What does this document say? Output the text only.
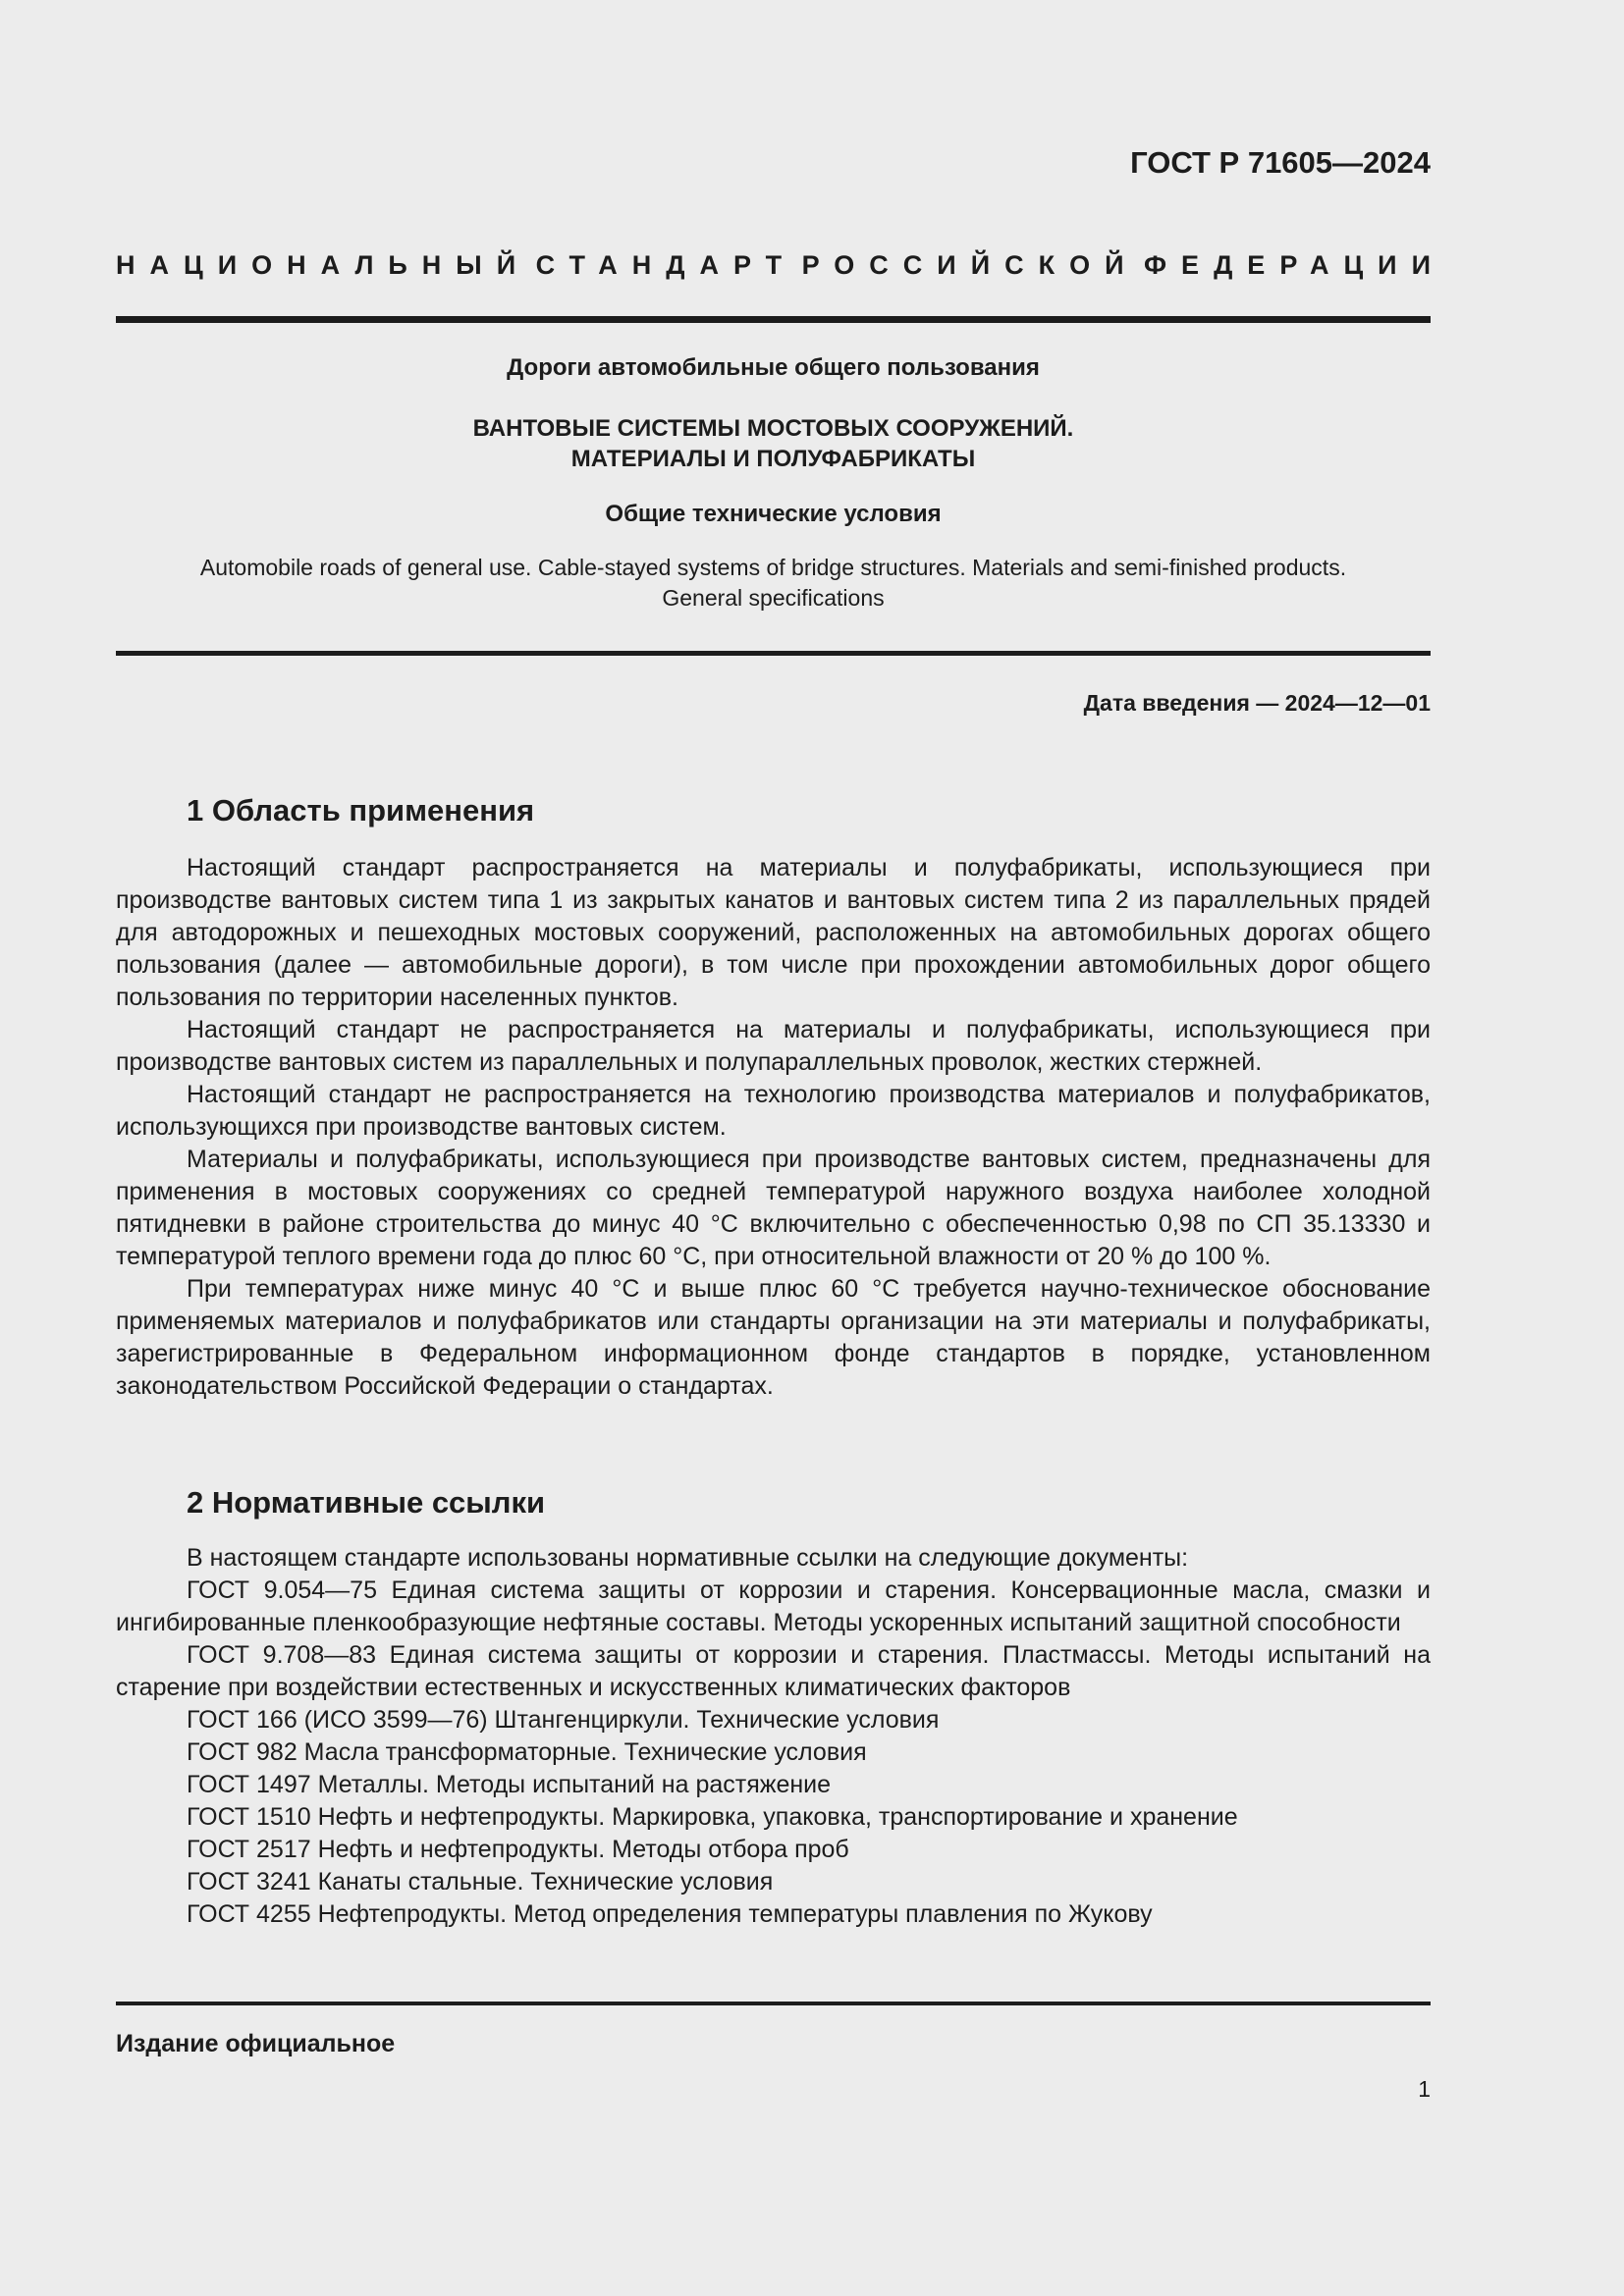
ГОСТ Р 71605—2024
НАЦИОНАЛЬНЫЙ СТАНДАРТ РОССИЙСКОЙ ФЕДЕРАЦИИ
Дороги автомобильные общего пользования
ВАНТОВЫЕ СИСТЕМЫ МОСТОВЫХ СООРУЖЕНИЙ.
МАТЕРИАЛЫ И ПОЛУФАБРИКАТЫ
Общие технические условия
Automobile roads of general use. Cable-stayed systems of bridge structures. Materials and semi-finished products.
General specifications
Дата введения — 2024—12—01
1 Область применения

Настоящий стандарт распространяется на материалы и полуфабрикаты, использующиеся при производстве вантовых систем типа 1 из закрытых канатов и вантовых систем типа 2 из параллельных прядей для автодорожных и пешеходных мостовых сооружений, расположенных на автомобильных дорогах общего пользования (далее — автомобильные дороги), в том числе при прохождении автомобильных дорог общего пользования по территории населенных пунктов.

Настоящий стандарт не распространяется на материалы и полуфабрикаты, использующиеся при производстве вантовых систем из параллельных и полупараллельных проволок, жестких стержней.

Настоящий стандарт не распространяется на технологию производства материалов и полуфабрикатов, использующихся при производстве вантовых систем.

Материалы и полуфабрикаты, использующиеся при производстве вантовых систем, предназначены для применения в мостовых сооружениях со средней температурой наружного воздуха наиболее холодной пятидневки в районе строительства до минус 40 °С включительно с обеспеченностью 0,98 по СП 35.13330 и температурой теплого времени года до плюс 60 °С, при относительной влажности от 20 % до 100 %.

При температурах ниже минус 40 °С и выше плюс 60 °С требуется научно-техническое обоснование применяемых материалов и полуфабрикатов или стандарты организации на эти материалы и полуфабрикаты, зарегистрированные в Федеральном информационном фонде стандартов в порядке, установленном законодательством Российской Федерации о стандартах.

2 Нормативные ссылки

В настоящем стандарте использованы нормативные ссылки на следующие документы:

ГОСТ 9.054—75 Единая система защиты от коррозии и старения. Консервационные масла, смазки и ингибированные пленкообразующие нефтяные составы. Методы ускоренных испытаний защитной способности

ГОСТ 9.708—83 Единая система защиты от коррозии и старения. Пластмассы. Методы испытаний на старение при воздействии естественных и искусственных климатических факторов

ГОСТ 166 (ИСО 3599—76) Штангенциркули. Технические условия

ГОСТ 982 Масла трансформаторные. Технические условия

ГОСТ 1497 Металлы. Методы испытаний на растяжение

ГОСТ 1510 Нефть и нефтепродукты. Маркировка, упаковка, транспортирование и хранение

ГОСТ 2517 Нефть и нефтепродукты. Методы отбора проб

ГОСТ 3241 Канаты стальные. Технические условия

ГОСТ 4255 Нефтепродукты. Метод определения температуры плавления по Жукову

Издание официальное
1
